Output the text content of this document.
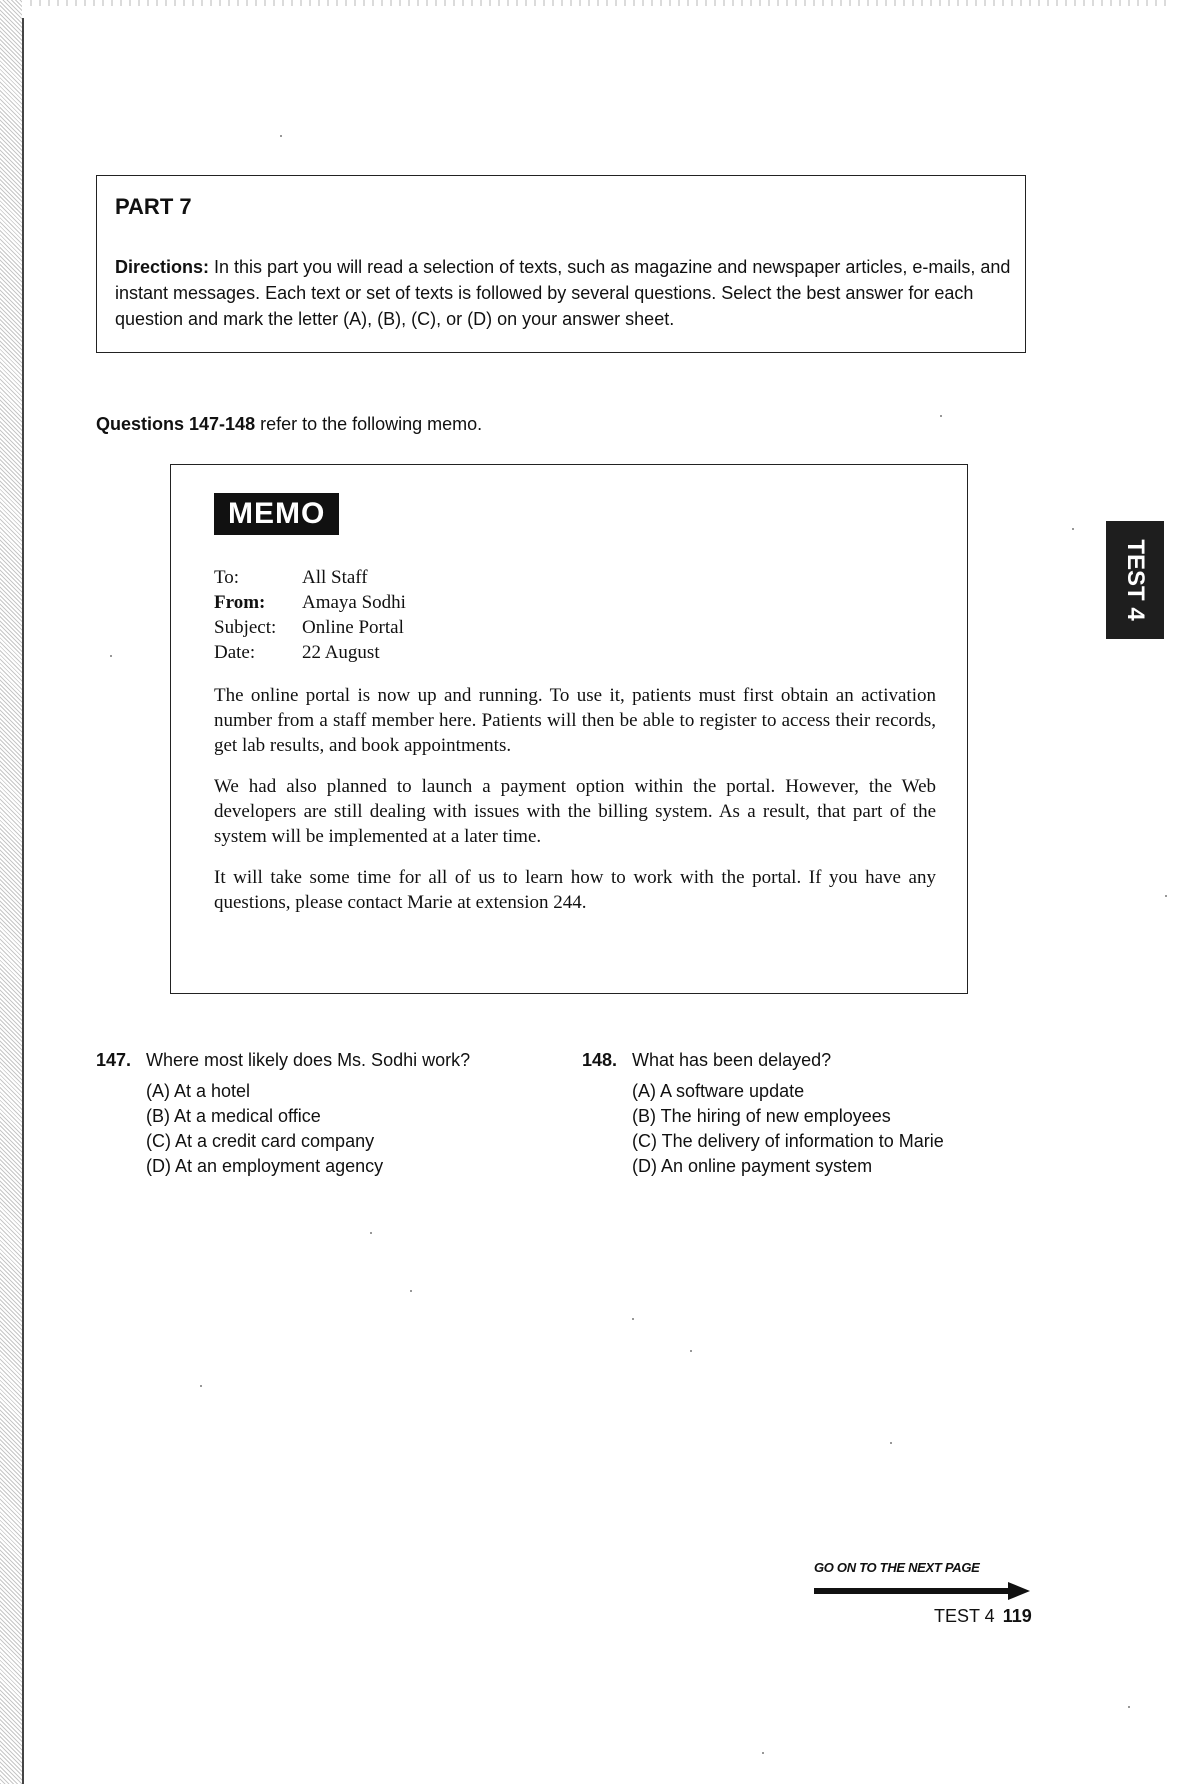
PART 7
Directions: In this part you will read a selection of texts, such as magazine and newspaper articles, e-mails, and instant messages. Each text or set of texts is followed by several questions. Select the best answer for each question and mark the letter (A), (B), (C), or (D) on your answer sheet.
Questions 147-148 refer to the following memo.
MEMO
To:	All Staff
From:	Amaya Sodhi
Subject:	Online Portal
Date:	22 August

The online portal is now up and running. To use it, patients must first obtain an activation number from a staff member here. Patients will then be able to register to access their records, get lab results, and book appointments.

We had also planned to launch a payment option within the portal. However, the Web developers are still dealing with issues with the billing system. As a result, that part of the system will be implemented at a later time.

It will take some time for all of us to learn how to work with the portal. If you have any questions, please contact Marie at extension 244.

TEST 4
147. Where most likely does Ms. Sodhi work?
(A) At a hotel
(B) At a medical office
(C) At a credit card company
(D) At an employment agency
148. What has been delayed?
(A) A software update
(B) The hiring of new employees
(C) The delivery of information to Marie
(D) An online payment system
GO ON TO THE NEXT PAGE
TEST 4 119
